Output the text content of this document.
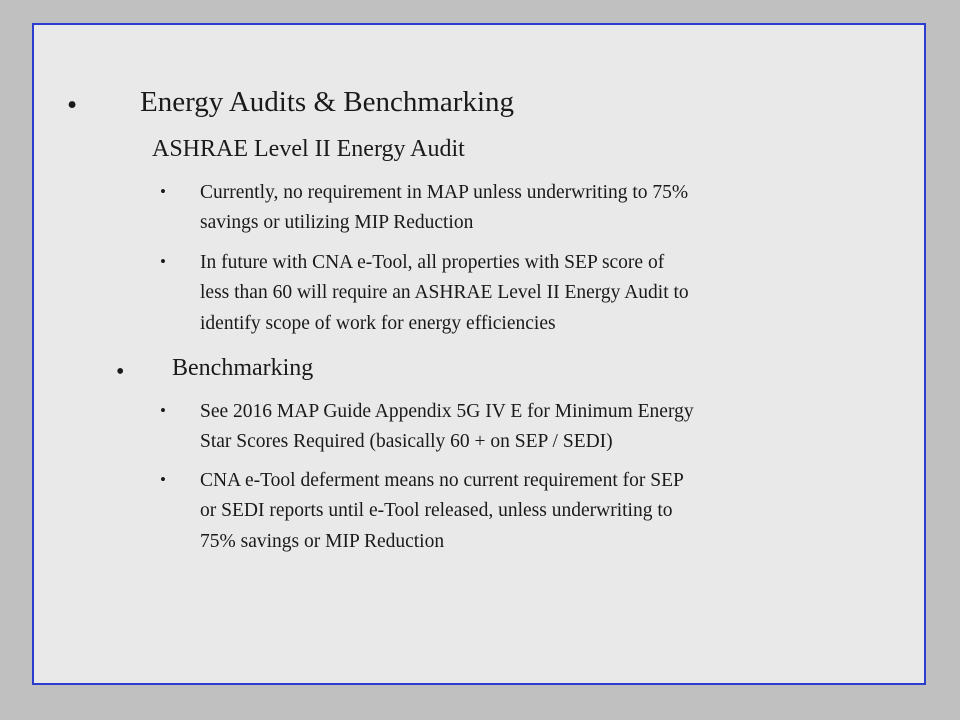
• Energy Audits & Benchmarking
ASHRAE Level II Energy Audit
• Currently, no requirement in MAP unless underwriting to 75%
savings or utilizing MIP Reduction
• In future with CNA e-Tool, all properties with SEP score of
less than 60 will require an ASHRAE Level II Energy Audit to
identify scope of work for energy efficiencies
• Benchmarking
• See 2016 MAP Guide Appendix 5G IV E for Minimum Energy
Star Scores Required (basically 60 + on SEP / SEDI)
• CNA e-Tool deferment means no current requirement for SEP
or SEDI reports until e-Tool released, unless underwriting to
75% savings or MIP Reduction
